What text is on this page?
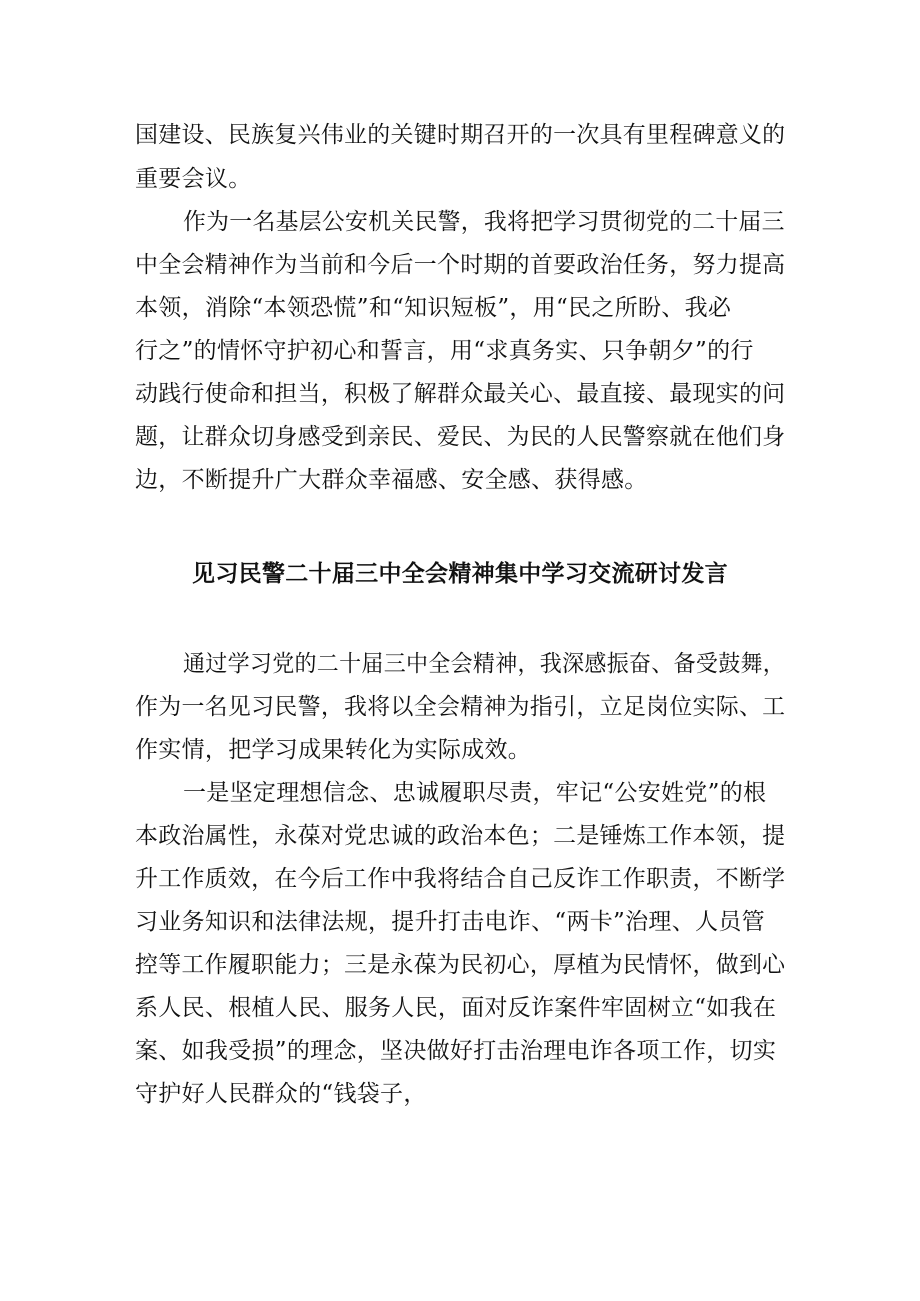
国建设、民族复兴伟业的关键时期召开的一次具有里程碑意义的
重要会议。
作为一名基层公安机关民警，我将把学习贯彻党的二十届三
中全会精神作为当前和今后一个时期的首要政治任务，努力提高
本领，消除“本领恐慌”和“知识短板”，用“民之所盼、我必
行之”的情怀守护初心和誓言，用“求真务实、只争朝夕”的行
动践行使命和担当，积极了解群众最关心、最直接、最现实的问
题，让群众切身感受到亲民、爱民、为民的人民警察就在他们身
边，不断提升广大群众幸福感、安全感、获得感。
见习民警二十届三中全会精神集中学习交流研讨发言
通过学习党的二十届三中全会精神，我深感振奋、备受鼓舞，
作为一名见习民警，我将以全会精神为指引，立足岗位实际、工
作实情，把学习成果转化为实际成效。
一是坚定理想信念、忠诚履职尽责，牢记“公安姓党”的根
本政治属性，永葆对党忠诚的政治本色；二是锤炼工作本领，提
升工作质效，在今后工作中我将结合自己反诈工作职责，不断学
习业务知识和法律法规，提升打击电诈、“两卡”治理、人员管
控等工作履职能力；三是永葆为民初心，厚植为民情怀，做到心
系人民、根植人民、服务人民，面对反诈案件牢固树立“如我在
案、如我受损”的理念，坚决做好打击治理电诈各项工作，切实
守护好人民群众的“钱袋子，
